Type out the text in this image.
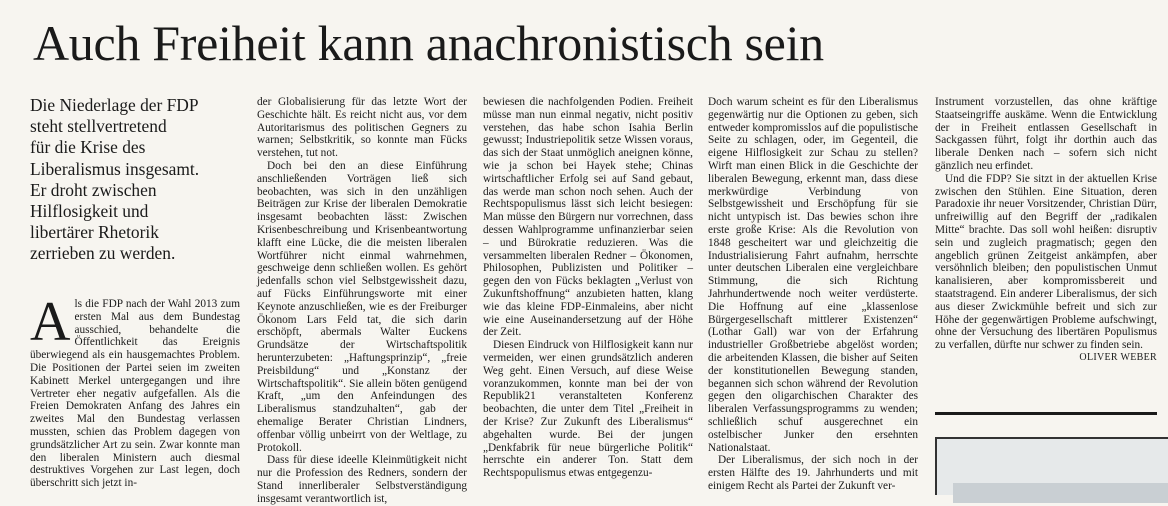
Auch Freiheit kann anachronistisch sein

Die Niederlage der FDP

steht stellvertretend

für die Krise des

Liberalismus insgesamt.

Er droht zwischen

Hilflosigkeit und

libertärer Rhetorik

zerrieben zu werden.

Als die FDP nach der Wahl 2013 zum ersten Mal aus dem Bundestag ausschied, behandelte die Öffentlichkeit das Ereignis überwiegend als ein hausgemachtes Problem. Die Positionen der Partei seien im zweiten Kabinett Merkel untergegangen und ihre Vertreter eher negativ aufgefallen. Als die Freien Demokraten Anfang des Jahres ein zweites Mal den Bundestag verlassen mussten, schien das Problem dagegen von grundsätzlicher Art zu sein. Zwar konnte man den liberalen Ministern auch diesmal destruktives Vorgehen zur Last legen, doch überschritt sich jetzt in-

der Globalisierung für das letzte Wort der Geschichte hält. Es reicht nicht aus, vor dem Autoritarismus des politischen Gegners zu warnen; Selbstkritik, so konnte man Fücks verstehen, tut not.

Doch bei den an diese Einführung anschließenden Vorträgen ließ sich beobachten, was sich in den unzähligen Beiträgen zur Krise der liberalen Demokratie insgesamt beobachten lässt: Zwischen Krisenbeschreibung und Krisenbeantwortung klafft eine Lücke, die die meisten liberalen Wortführer nicht einmal wahrnehmen, geschweige denn schließen wollen. Es gehört jedenfalls schon viel Selbstgewissheit dazu, auf Fücks Einführungsworte mit einer Keynote anzuschließen, wie es der Freiburger Ökonom Lars Feld tat, die sich darin erschöpft, abermals Walter Euckens Grundsätze der Wirtschaftspolitik herunterzubeten: „Haftungsprinzip“, „freie Preisbildung“ und „Konstanz der Wirtschaftspolitik“. Sie allein böten genügend Kraft, „um den Anfeindungen des Liberalismus standzuhalten“, gab der ehemalige Berater Christian Lindners, offenbar völlig unbeirrt von der Weltlage, zu Protokoll.

Dass für diese ideelle Kleinmütigkeit nicht nur die Profession des Redners, sondern der Stand innerliberaler Selbstverständigung insgesamt verantwortlich ist,

bewiesen die nachfolgenden Podien. Freiheit müsse man nun einmal negativ, nicht positiv verstehen, das habe schon Isahia Berlin gewusst; Industriepolitik setze Wissen voraus, das sich der Staat unmöglich aneignen könne, wie ja schon bei Hayek stehe; Chinas wirtschaftlicher Erfolg sei auf Sand gebaut, das werde man schon noch sehen. Auch der Rechtspopulismus lässt sich leicht besiegen: Man müsse den Bürgern nur vorrechnen, dass dessen Wahlprogramme unfinanzierbar seien – und Bürokratie reduzieren. Was die versammelten liberalen Redner – Ökonomen, Philosophen, Publizisten und Politiker – gegen den von Fücks beklagten „Verlust von Zukunftshoffnung“ anzubieten hatten, klang wie das kleine FDP-Einmaleins, aber nicht wie eine Auseinandersetzung auf der Höhe der Zeit.

Diesen Eindruck von Hilflosigkeit kann nur vermeiden, wer einen grundsätzlich anderen Weg geht. Einen Versuch, auf diese Weise voranzukommen, konnte man bei der von Republik21 veranstalteten Konferenz beobachten, die unter dem Titel „Freiheit in der Krise? Zur Zukunft des Liberalismus“ abgehalten wurde. Bei der jungen „Denkfabrik für neue bürgerliche Politik“ herrschte ein anderer Ton. Statt dem Rechtspopulismus etwas entgegenzu-

Doch warum scheint es für den Liberalismus gegenwärtig nur die Optionen zu geben, sich entweder kompromisslos auf die populistische Seite zu schlagen, oder, im Gegenteil, die eigene Hilflosigkeit zur Schau zu stellen? Wirft man einen Blick in die Geschichte der liberalen Bewegung, erkennt man, dass diese merkwürdige Verbindung von Selbstgewissheit und Erschöpfung für sie nicht untypisch ist. Das bewies schon ihre erste große Krise: Als die Revolution von 1848 gescheitert war und gleichzeitig die Industrialisierung Fahrt aufnahm, herrschte unter deutschen Liberalen eine vergleichbare Stimmung, die sich Richtung Jahrhundertwende noch weiter verdüsterte. Die Hoffnung auf eine „klassenlose Bürgergesellschaft mittlerer Existenzen“ (Lothar Gall) war von der Erfahrung industrieller Großbetriebe abgelöst worden; die arbeitenden Klassen, die bisher auf Seiten der konstitutionellen Bewegung standen, begannen sich schon während der Revolution gegen den oligarchischen Charakter des liberalen Verfassungsprogramms zu wenden; schließlich schuf ausgerechnet ein ostelbischer Junker den ersehnten Nationalstaat.

Der Liberalismus, der sich noch in der ersten Hälfte des 19. Jahrhunderts und mit einigem Recht als Partei der Zukunft ver-

Instrument vorzustellen, das ohne kräftige Staatseingriffe auskäme. Wenn die Entwicklung der in Freiheit entlassen Gesellschaft in Sackgassen führt, folgt ihr dorthin auch das liberale Denken nach – sofern sich nicht gänzlich neu erfindet.

Und die FDP? Sie sitzt in der aktuellen Krise zwischen den Stühlen. Eine Situation, deren Paradoxie ihr neuer Vorsitzender, Christian Dürr, unfreiwillig auf den Begriff der „radikalen Mitte“ brachte. Das soll wohl heißen: disruptiv sein und zugleich pragmatisch; gegen den angeblich grünen Zeitgeist ankämpfen, aber versöhnlich bleiben; den populistischen Unmut kanalisieren, aber kompromissbereit und staatstragend. Ein anderer Liberalismus, der sich aus dieser Zwickmühle befreit und sich zur Höhe der gegenwärtigen Probleme aufschwingt, ohne der Versuchung des libertären Populismus zu verfallen, dürfte nur schwer zu finden sein.
OLIVER WEBER
